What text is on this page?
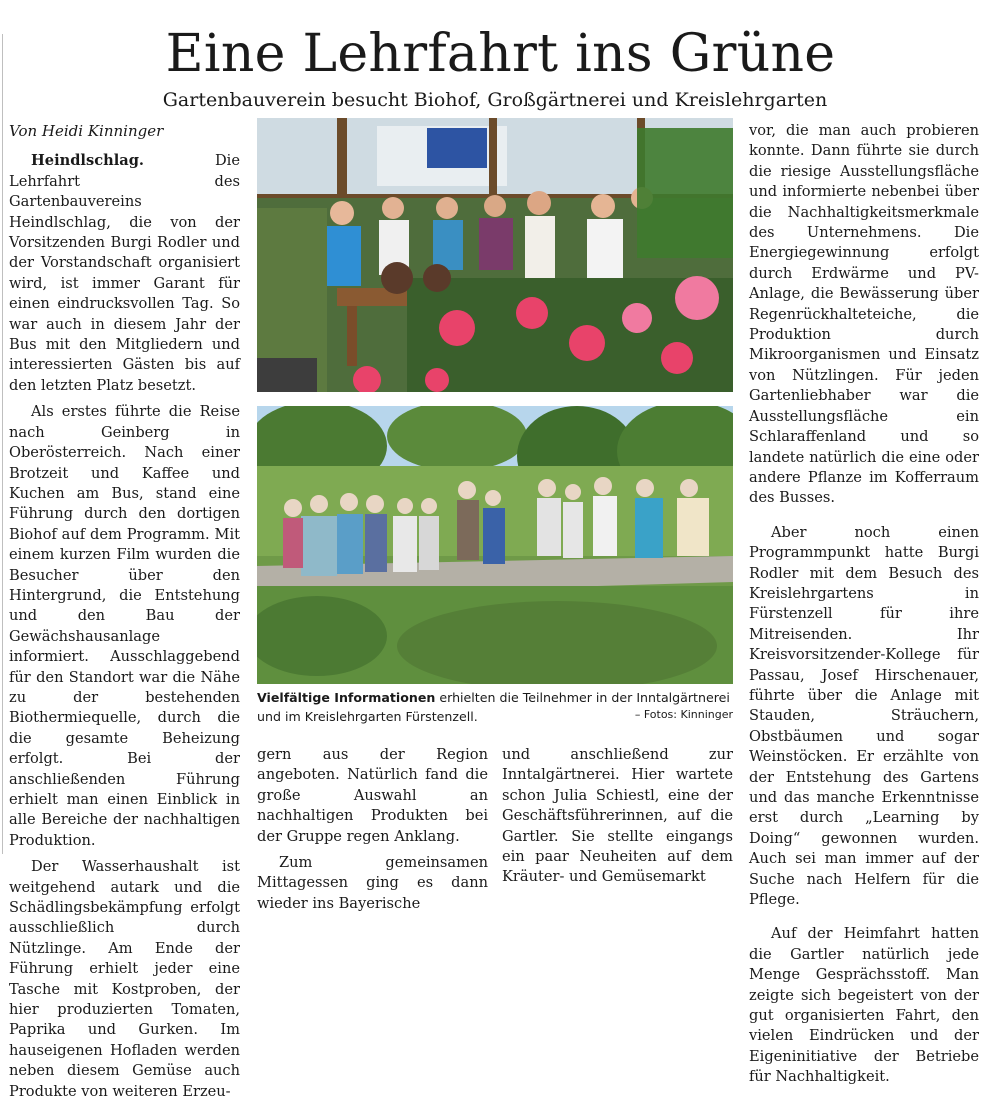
Eine Lehrfahrt ins Grüne
Gartenbauverein besucht Biohof, Großgärtnerei und Kreislehrgarten

Von Heidi Kinninger

Heindlschlag. Die Lehrfahrt des Gartenbauvereins Heindlschlag, die von der Vorsitzenden Burgi Rodler und der Vorstandschaft organisiert wird, ist immer Garant für einen eindrucksvollen Tag. So war auch in diesem Jahr der Bus mit den Mitgliedern und interessierten Gästen bis auf den letzten Platz besetzt.

Als erstes führte die Reise nach Geinberg in Oberösterreich. Nach einer Brotzeit und Kaffee und Kuchen am Bus, stand eine Führung durch den dortigen Biohof auf dem Programm. Mit einem kurzen Film wurden die Besucher über den Hintergrund, die Entstehung und den Bau der Gewächshausanlage informiert. Ausschlaggebend für den Standort war die Nähe zu der bestehenden Biothermiequelle, durch die die gesamte Beheizung erfolgt. Bei der anschließenden Führung erhielt man einen Einblick in alle Bereiche der nachhaltigen Produktion.

Der Wasserhaushalt ist weitgehend autark und die Schädlingsbekämpfung erfolgt ausschließlich durch Nützlinge. Am Ende der Führung erhielt jeder eine Tasche mit Kostproben, der hier produzierten Tomaten, Paprika und Gurken. Im hauseigenen Hofladen werden neben diesem Gemüse auch Produkte von weiteren Erzeu-

Vielfältige Informationen erhielten die Teilnehmer in der Inntalgärtnerei und im Kreislehrgarten Fürstenzell.	– Fotos: Kinninger

gern aus der Region angeboten. Natürlich fand die große Auswahl an nachhaltigen Produkten bei der Gruppe regen Anklang.

Zum gemeinsamen Mittagessen ging es dann wieder ins Bayerische

und anschließend zur Inntalgärtnerei. Hier wartete schon Julia Schiestl, eine der Geschäftsführerinnen, auf die Gartler. Sie stellte eingangs ein paar Neuheiten auf dem Kräuter- und Gemüsemarkt

vor, die man auch probieren konnte. Dann führte sie durch die riesige Ausstellungsfläche und informierte nebenbei über die Nachhaltigkeitsmerkmale des Unternehmens. Die Energiegewinnung erfolgt durch Erdwärme und PV-Anlage, die Bewässerung über Regenrückhalteteiche, die Produktion durch Mikroorganismen und Einsatz von Nützlingen. Für jeden Gartenliebhaber war die Ausstellungsfläche ein Schlaraffenland und so landete natürlich die eine oder andere Pflanze im Kofferraum des Busses.

Aber noch einen Programmpunkt hatte Burgi Rodler mit dem Besuch des Kreislehrgartens in Fürstenzell für ihre Mitreisenden. Ihr Kreisvorsitzender-Kollege für Passau, Josef Hirschenauer, führte über die Anlage mit Stauden, Sträuchern, Obstbäumen und sogar Weinstöcken. Er erzählte von der Entstehung des Gartens und das manche Erkenntnisse erst durch „Learning by Doing“ gewonnen wurden. Auch sei man immer auf der Suche nach Helfern für die Pflege.

Auf der Heimfahrt hatten die Gartler natürlich jede Menge Gesprächsstoff. Man zeigte sich begeistert von der gut organisierten Fahrt, den vielen Eindrücken und der Eigeninitiative der Betriebe für Nachhaltigkeit.
